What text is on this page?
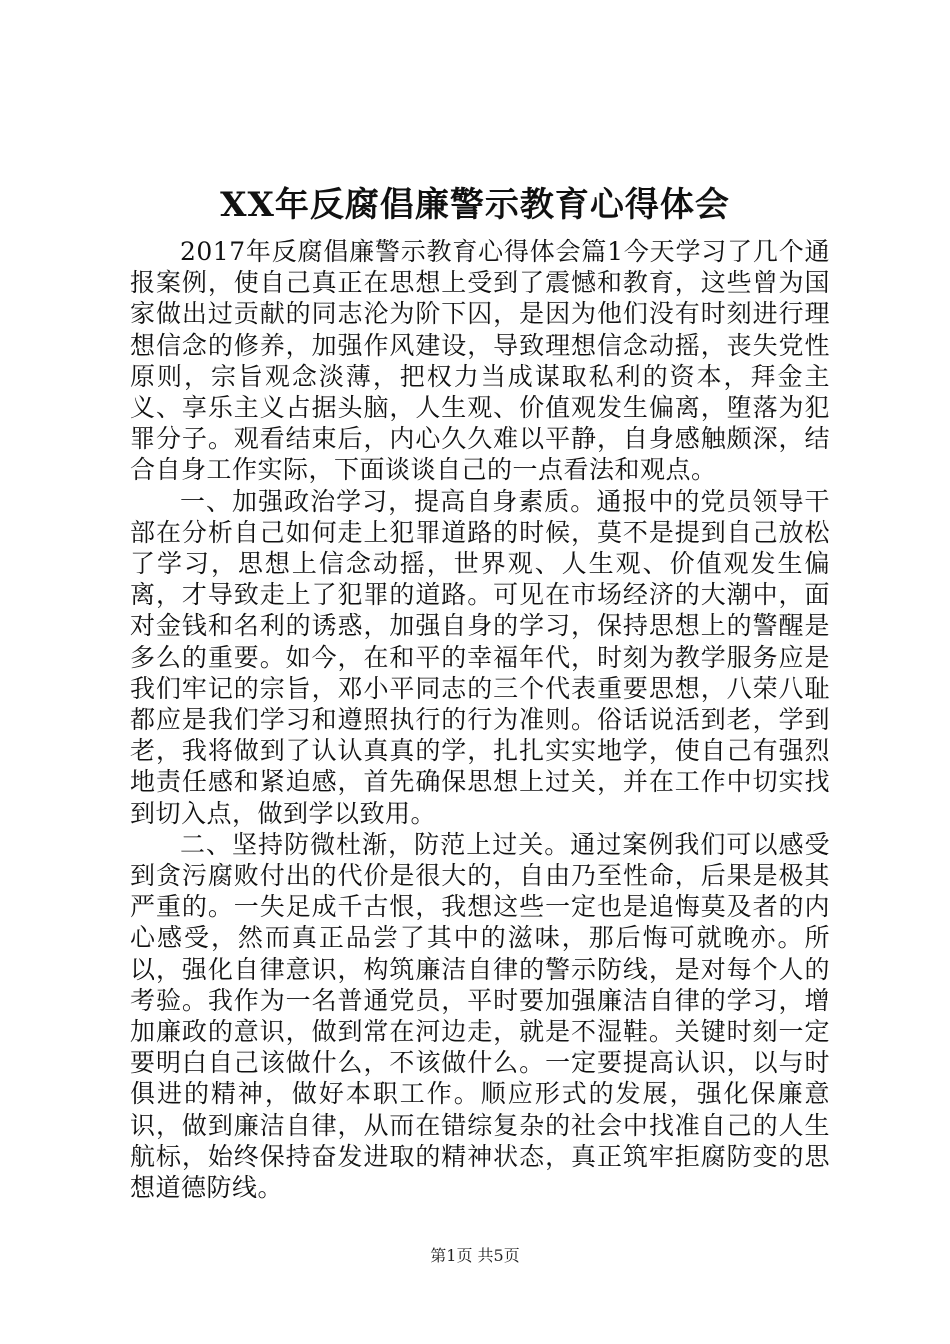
XX年反腐倡廉警示教育心得体会

2017年反腐倡廉警示教育心得体会篇1今天学习了几个通报案例，使自己真正在思想上受到了震憾和教育，这些曾为国家做出过贡献的同志沦为阶下囚，是因为他们没有时刻进行理想信念的修养，加强作风建设，导致理想信念动摇，丧失党性原则，宗旨观念淡薄，把权力当成谋取私利的资本，拜金主义、享乐主义占据头脑，人生观、价值观发生偏离，堕落为犯罪分子。观看结束后，内心久久难以平静，自身感触颇深，结合自身工作实际，下面谈谈自己的一点看法和观点。

一、加强政治学习，提高自身素质。通报中的党员领导干部在分析自己如何走上犯罪道路的时候，莫不是提到自己放松了学习，思想上信念动摇，世界观、人生观、价值观发生偏离，才导致走上了犯罪的道路。可见在市场经济的大潮中，面对金钱和名利的诱惑，加强自身的学习，保持思想上的警醒是多么的重要。如今，在和平的幸福年代，时刻为教学服务应是我们牢记的宗旨，邓小平同志的三个代表重要思想，八荣八耻都应是我们学习和遵照执行的行为准则。俗话说活到老，学到老，我将做到了认认真真的学，扎扎实实地学，使自己有强烈地责任感和紧迫感，首先确保思想上过关，并在工作中切实找到切入点，做到学以致用。

二、坚持防微杜渐，防范上过关。通过案例我们可以感受到贪污腐败付出的代价是很大的，自由乃至性命，后果是极其严重的。一失足成千古恨，我想这些一定也是追悔莫及者的内心感受，然而真正品尝了其中的滋味，那后悔可就晚亦。所以，强化自律意识，构筑廉洁自律的警示防线，是对每个人的考验。我作为一名普通党员，平时要加强廉洁自律的学习，增加廉政的意识，做到常在河边走，就是不湿鞋。关键时刻一定要明白自己该做什么，不该做什么。一定要提高认识，以与时俱进的精神，做好本职工作。顺应形式的发展，强化保廉意识，做到廉洁自律，从而在错综复杂的社会中找准自己的人生航标，始终保持奋发进取的精神状态，真正筑牢拒腐防变的思想道德防线。

第1页 共5页
